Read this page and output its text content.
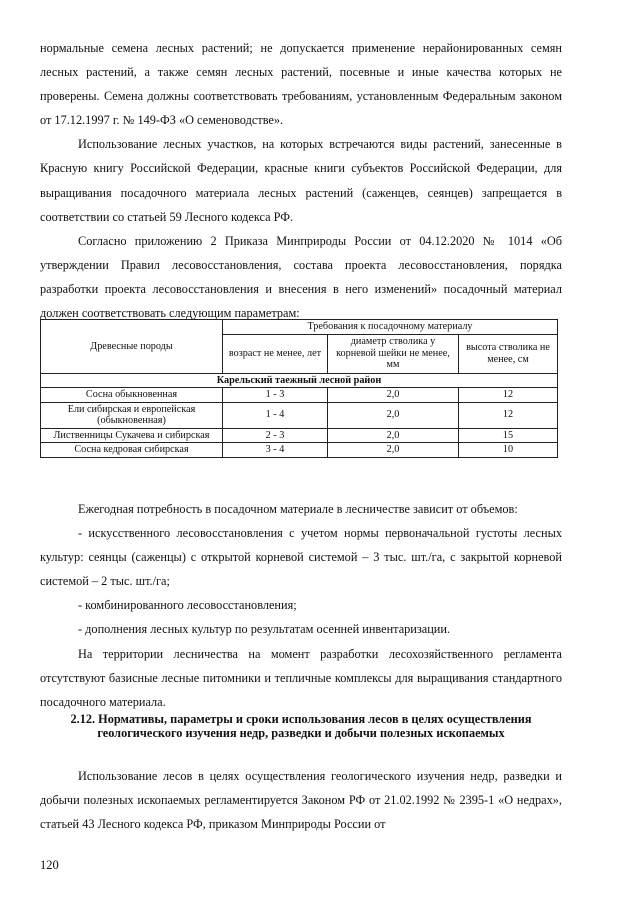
нормальные семена лесных растений; не допускается применение нерайонированных семян лесных растений, а также семян лесных растений, посевные и иные качества которых не проверены. Семена должны соответствовать требованиям, установленным Федеральным законом от 17.12.1997 г. № 149-ФЗ «О семеноводстве».

Использование лесных участков, на которых встречаются виды растений, занесенные в Красную книгу Российской Федерации, красные книги субъектов Российской Федерации, для выращивания посадочного материала лесных растений (саженцев, сеянцев) запрещается в соответствии со статьей 59 Лесного кодекса РФ.

Согласно приложению 2 Приказа Минприроды России от 04.12.2020 № 1014 «Об утверждении Правил лесовосстановления, состава проекта лесовосстановления, порядка разработки проекта лесовосстановления и внесения в него изменений» посадочный материал должен соответствовать следующим параметрам:

Древесные породы	Требования к посадочному материалу		
	возраст не менее, лет	диаметр стволика у корневой шейки не менее, мм	высота стволика не менее, см
Карельский таежный лесной район			
Сосна обыкновенная	1 - 3	2,0	12
Ели сибирская и европейская (обыкновенная)	1 - 4	2,0	12
Лиственницы Сукачева и сибирская	2 - 3	2,0	15
Сосна кедровая сибирская	3 - 4	2,0	10

Ежегодная потребность в посадочном материале в лесничестве зависит от объемов:

- искусственного лесовосстановления с учетом нормы первоначальной густоты лесных культур: сеянцы (саженцы) с открытой корневой системой – 3 тыс. шт./га, с закрытой корневой системой – 2 тыс. шт./га;

- комбинированного лесовосстановления;

- дополнения лесных культур по результатам осенней инвентаризации.

На территории лесничества на момент разработки лесохозяйственного регламента отсутствуют базисные лесные питомники и тепличные комплексы для выращивания стандартного посадочного материала.

2.12. Нормативы, параметры и сроки использования лесов в целях осуществления геологического изучения недр, разведки и добычи полезных ископаемых

Использование лесов в целях осуществления геологического изучения недр, разведки и добычи полезных ископаемых регламентируется Законом РФ от 21.02.1992 № 2395-1 «О недрах», статьей 43 Лесного кодекса РФ, приказом Минприроды России от

120
